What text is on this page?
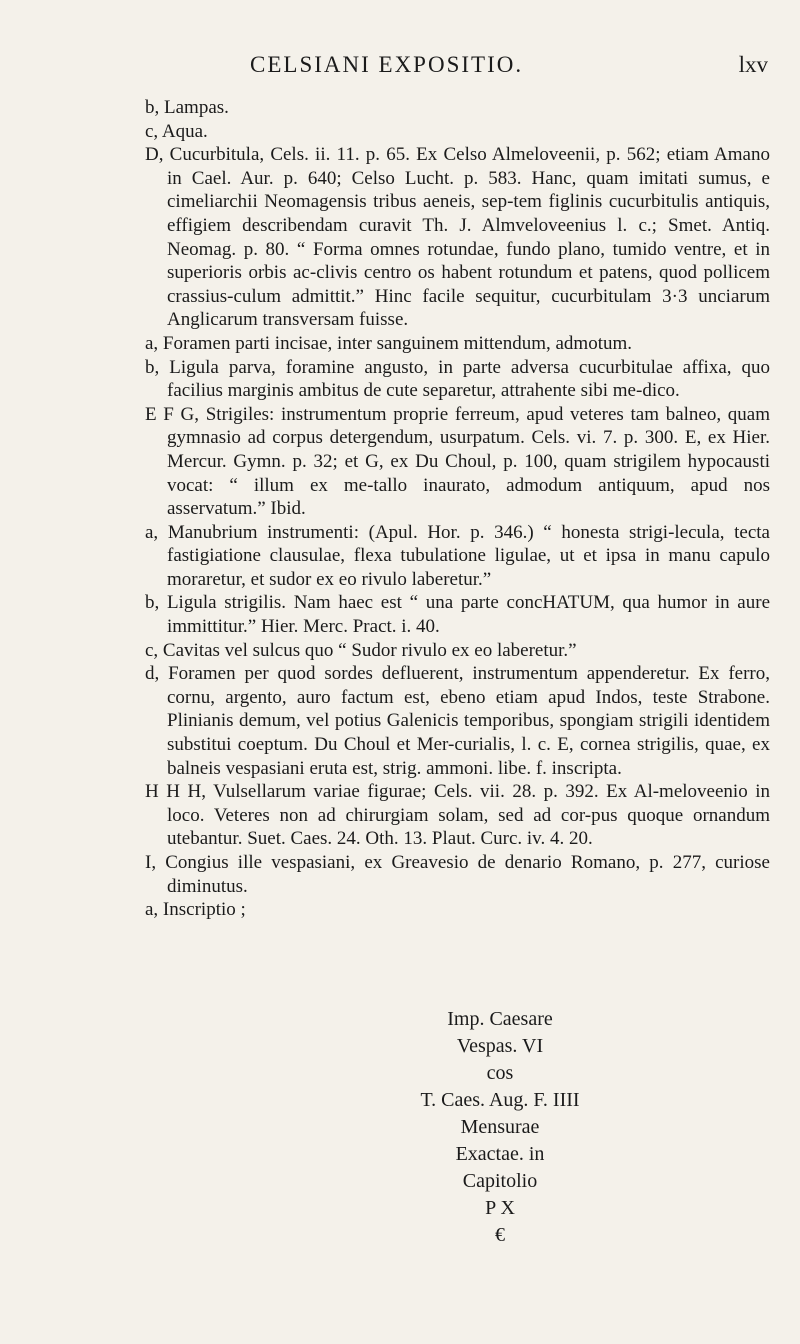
CELSIANI EXPOSITIO.	lxv

b, Lampas.

c, Aqua.

D, Cucurbitula, Cels. ii. 11. p. 65. Ex Celso Almeloveenii, p. 562; etiam Amano in Cael. Aur. p. 640; Celso Lucht. p. 583. Hanc, quam imitati sumus, e cimeliarchii Neomagensis tribus aeneis, sep-tem figlinis cucurbitulis antiquis, effigiem describendam curavit Th. J. Almveloveenius l. c.; Smet. Antiq. Neomag. p. 80. “ Forma omnes rotundae, fundo plano, tumido ventre, et in superioris orbis ac-clivis centro os habent rotundum et patens, quod pollicem crassius-culum admittit.” Hinc facile sequitur, cucurbitulam 3·3 unciarum Anglicarum transversam fuisse.

a, Foramen parti incisae, inter sanguinem mittendum, admotum.

b, Ligula parva, foramine angusto, in parte adversa cucurbitulae affixa, quo facilius marginis ambitus de cute separetur, attrahente sibi me-dico.

E F G, Strigiles: instrumentum proprie ferreum, apud veteres tam balneo, quam gymnasio ad corpus detergendum, usurpatum. Cels. vi. 7. p. 300. E, ex Hier. Mercur. Gymn. p. 32; et G, ex Du Choul, p. 100, quam strigilem hypocausti vocat: “ illum ex me-tallo inaurato, admodum antiquum, apud nos asservatum.” Ibid.

a, Manubrium instrumenti: (Apul. Hor. p. 346.) “ honesta strigi-lecula, tecta fastigiatione clausulae, flexa tubulatione ligulae, ut et ipsa in manu capulo moraretur, et sudor ex eo rivulo laberetur.”

b, Ligula strigilis. Nam haec est “ una parte concHATUM, qua humor in aure immittitur.” Hier. Merc. Pract. i. 40.

c, Cavitas vel sulcus quo “ Sudor rivulo ex eo laberetur.”

d, Foramen per quod sordes defluerent, instrumentum appenderetur. Ex ferro, cornu, argento, auro factum est, ebeno etiam apud Indos, teste Strabone. Plinianis demum, vel potius Galenicis temporibus, spongiam strigili identidem substitui coeptum. Du Choul et Mer-curialis, l. c. E, cornea strigilis, quae, ex balneis vespasiani eruta est, strig. ammoni. libe. f. inscripta.

H H H, Vulsellarum variae figurae; Cels. vii. 28. p. 392. Ex Al-meloveenio in loco. Veteres non ad chirurgiam solam, sed ad cor-pus quoque ornandum utebantur. Suet. Caes. 24. Oth. 13. Plaut. Curc. iv. 4. 20.

I, Congius ille vespasiani, ex Greavesio de denario Romano, p. 277, curiose diminutus.

a, Inscriptio ;

Imp. Caesare
Vespas. VI
cos
T. Caes. Aug. F. IIII
Mensurae
Exactae. in
Capitolio
P X
€
